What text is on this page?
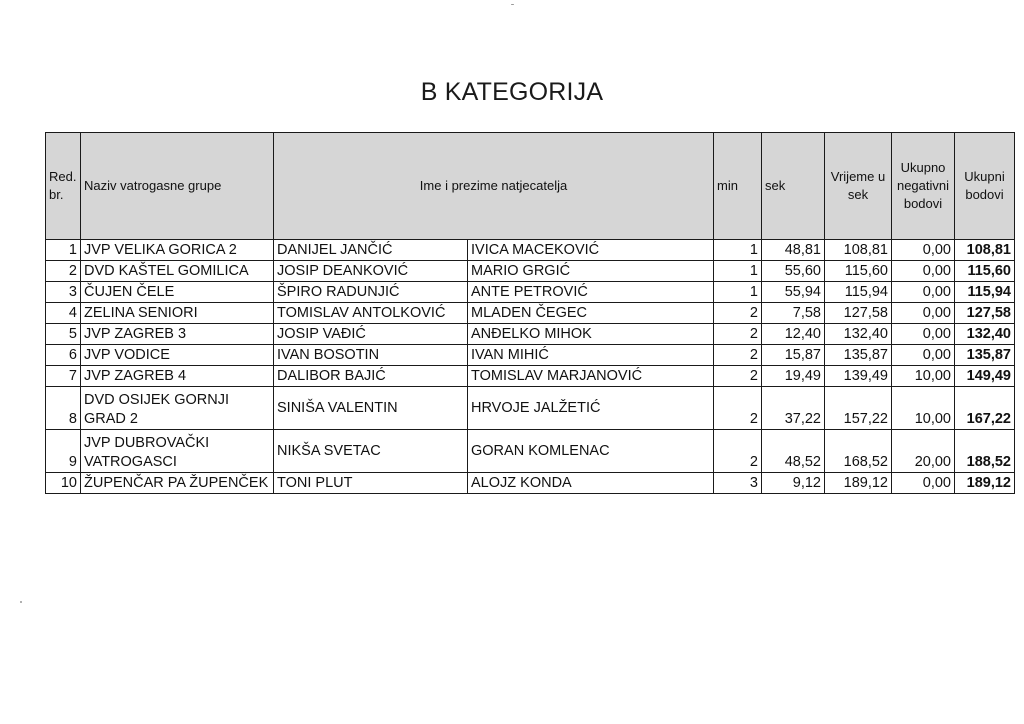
B KATEGORIJA
Red. br.	Naziv vatrogasne grupe	Ime i prezime natjecatelja		min	sek	Vrijeme u sek	Ukupno negativni bodovi	Ukupni bodovi
1	JVP VELIKA GORICA 2	DANIJEL JANČIĆ	IVICA MACEKOVIĆ	1	48,81	108,81	0,00	108,81
2	DVD KAŠTEL GOMILICA	JOSIP DEANKOVIĆ	MARIO GRGIĆ	1	55,60	115,60	0,00	115,60
3	ČUJEN ČELE	ŠPIRO RADUNJIĆ	ANTE PETROVIĆ	1	55,94	115,94	0,00	115,94
4	ZELINA SENIORI	TOMISLAV ANTOLKOVIĆ	MLADEN ČEGEC	2	7,58	127,58	0,00	127,58
5	JVP ZAGREB 3	JOSIP VAĐIĆ	ANĐELKO MIHOK	2	12,40	132,40	0,00	132,40
6	JVP VODICE	IVAN BOSOTIN	IVAN MIHIĆ	2	15,87	135,87	0,00	135,87
7	JVP ZAGREB 4	DALIBOR BAJIĆ	TOMISLAV MARJANOVIĆ	2	19,49	139,49	10,00	149,49
8	DVD OSIJEK GORNJI GRAD 2	SINIŠA VALENTIN	HRVOJE JALŽETIĆ	2	37,22	157,22	10,00	167,22
9	JVP DUBROVAČKI VATROGASCI	NIKŠA SVETAC	GORAN KOMLENAC	2	48,52	168,52	20,00	188,52
10	ŽUPENČAR PA ŽUPENČEK	TONI PLUT	ALOJZ KONDA	3	9,12	189,12	0,00	189,12
